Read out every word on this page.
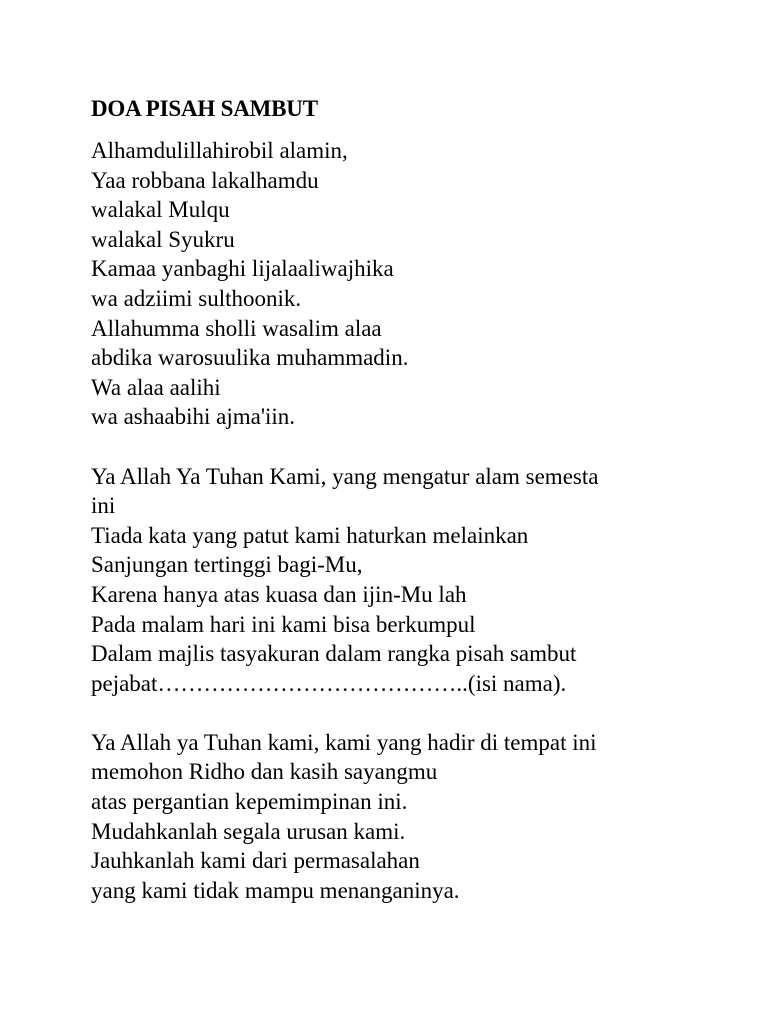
DOA PISAH SAMBUT
Alhamdulillahirobil alamin,
Yaa robbana lakalhamdu
walakal Mulqu
walakal Syukru
Kamaa yanbaghi lijalaaliwajhika
wa adziimi sulthoonik.
Allahumma sholli wasalim alaa
abdika warosuulika muhammadin.
Wa alaa aalihi
wa ashaabihi ajma'iin.
Ya Allah Ya Tuhan Kami, yang mengatur alam semesta
ini
Tiada kata yang patut kami haturkan melainkan
Sanjungan tertinggi bagi-Mu,
Karena hanya atas kuasa dan ijin-Mu lah
Pada malam hari ini kami bisa berkumpul
Dalam majlis tasyakuran dalam rangka pisah sambut
pejabat…………………………………..(isi nama).
Ya Allah ya Tuhan kami, kami yang hadir di tempat ini
memohon Ridho dan kasih sayangmu
atas pergantian kepemimpinan ini.
Mudahkanlah segala urusan kami.
Jauhkanlah kami dari permasalahan
yang kami tidak mampu menanganinya.
